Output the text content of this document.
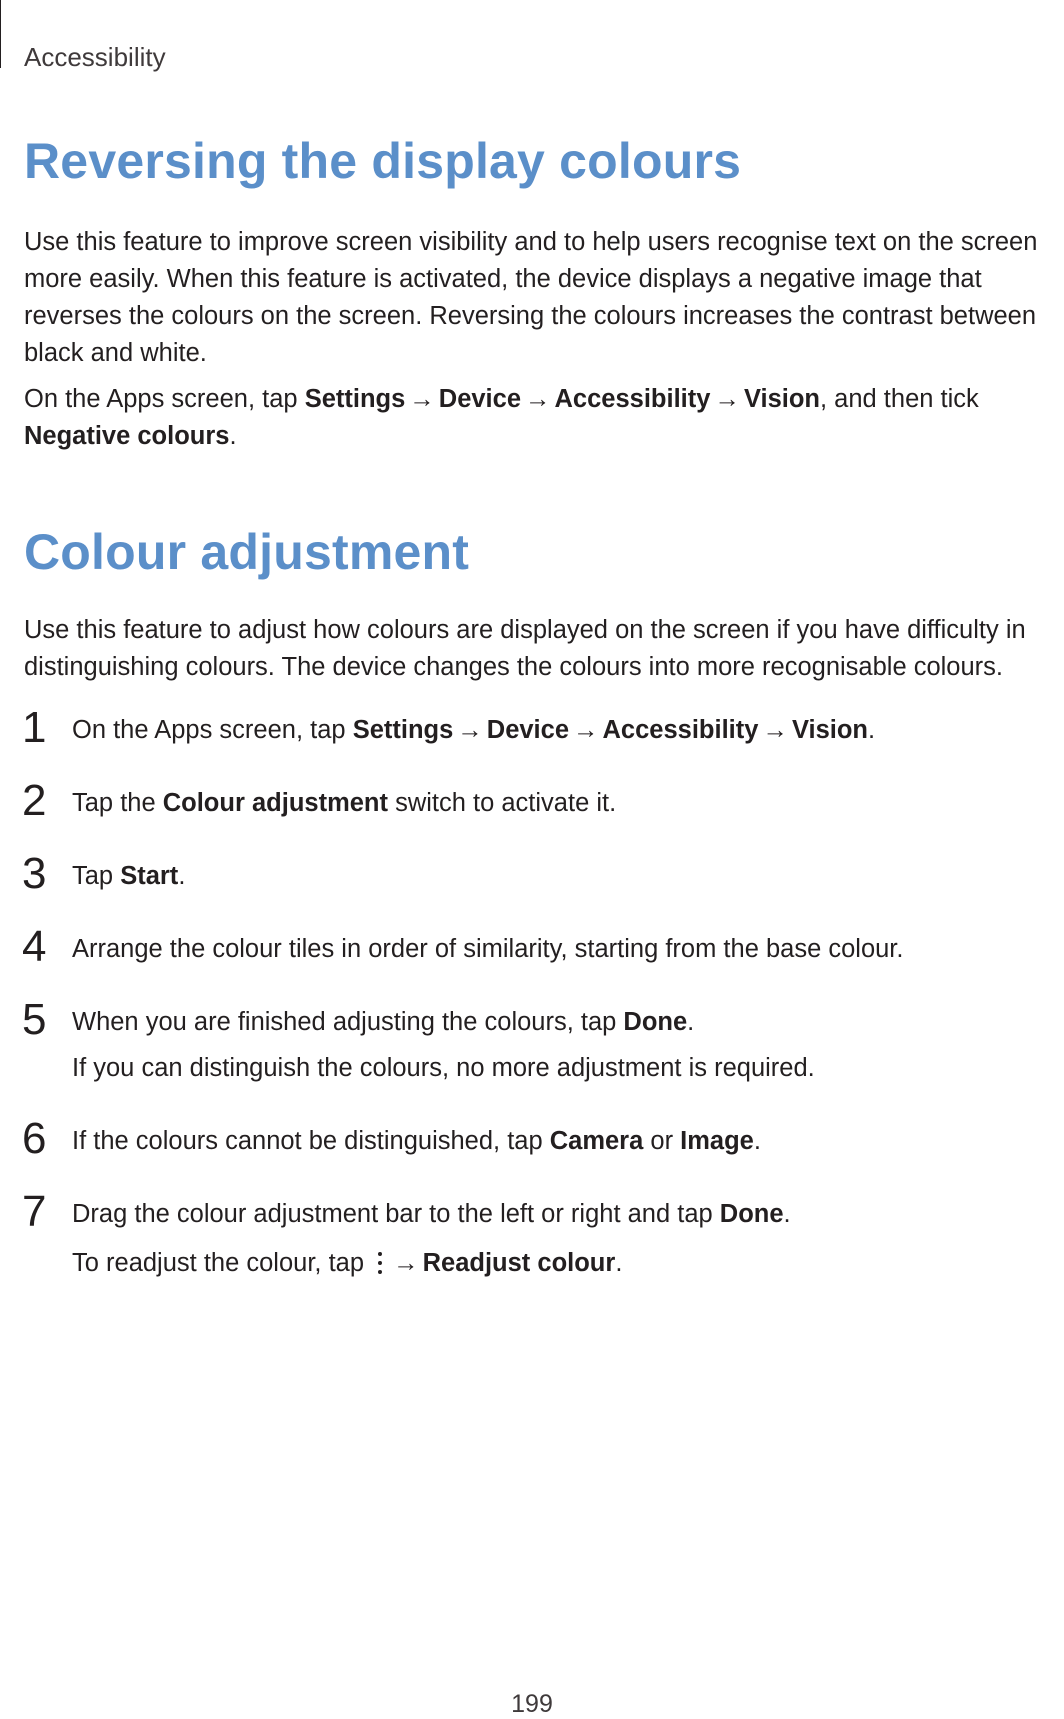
Accessibility
Reversing the display colours

Use this feature to improve screen visibility and to help users recognise text on the screen more easily. When this feature is activated, the device displays a negative image that reverses the colours on the screen. Reversing the colours increases the contrast between black and white.

On the Apps screen, tap Settings → Device → Accessibility → Vision, and then tick
Negative colours.

Colour adjustment

Use this feature to adjust how colours are displayed on the screen if you have difficulty in distinguishing colours. The device changes the colours into more recognisable colours.

1 On the Apps screen, tap Settings → Device → Accessibility → Vision.
2 Tap the Colour adjustment switch to activate it.
3 Tap Start.
4 Arrange the colour tiles in order of similarity, starting from the base colour.
5 When you are finished adjusting the colours, tap Done.
If you can distinguish the colours, no more adjustment is required.
6 If the colours cannot be distinguished, tap Camera or Image.
7 Drag the colour adjustment bar to the left or right and tap Done.
To readjust the colour, tap
→ Readjust colour.
199
